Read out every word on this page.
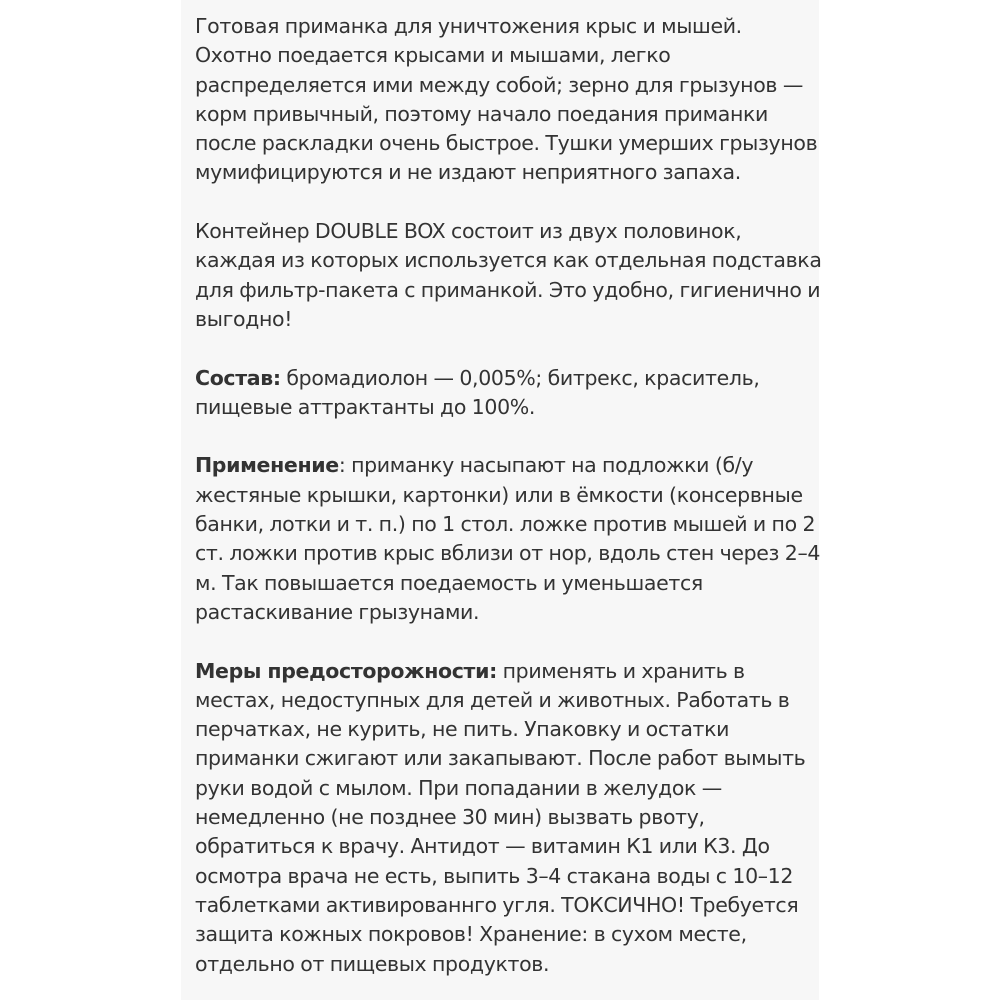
Готовая приманка для уничтожения крыс и мышей.
Охотно поедается крысами и мышами, легко
распределяется ими между собой; зерно для грызунов —
корм привычный, поэтому начало поедания приманки
после раскладки очень быстрое. Тушки умерших грызунов
мумифицируются и не издают неприятного запаха.

Контейнер DOUBLE BOX состоит из двух половинок,
каждая из которых используется как отдельная подставка
для фильтр-пакета с приманкой. Это удобно, гигиенично и
выгодно!

Состав: бромадиолон — 0,005%; битрекс, краситель,
пищевые аттрактанты до 100%.

Применение: приманку насыпают на подложки (б/у
жестяные крышки, картонки) или в ёмкости (консервные
банки, лотки и т. п.) по 1 стол. ложке против мышей и по 2
ст. ложки против крыс вблизи от нор, вдоль стен через 2–4
м. Так повышается поедаемость и уменьшается
растаскивание грызунами.

Меры предосторожности: применять и хранить в
местах, недоступных для детей и животных. Работать в
перчатках, не курить, не пить. Упаковку и остатки
приманки сжигают или закапывают. После работ вымыть
руки водой с мылом. При попадании в желудок —
немедленно (не позднее 30 мин) вызвать рвоту,
обратиться к врачу. Антидот — витамин К1 или К3. До
осмотра врача не есть, выпить 3–4 стакана воды с 10–12
таблетками активированнго угля. ТОКСИЧНО! Требуется
защита кожных покровов! Хранение: в сухом месте,
отдельно от пищевых продуктов.
